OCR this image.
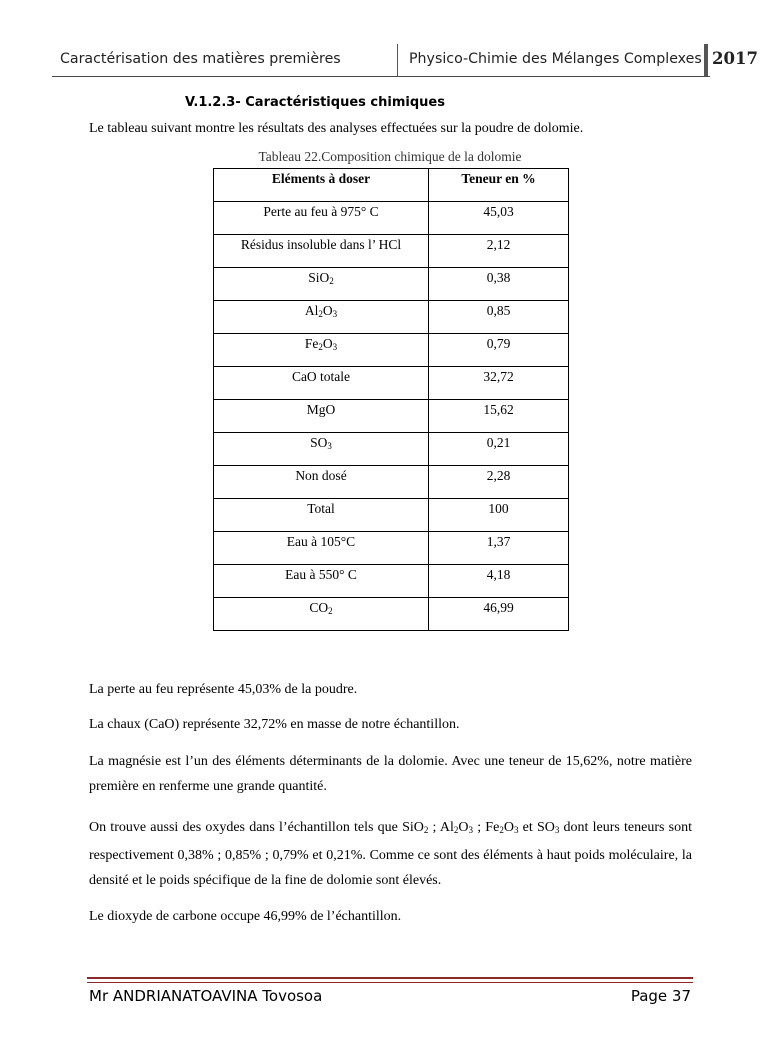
Caractérisation des matières premières	Physico-Chimie des Mélanges Complexes 2017
V.1.2.3- Caractéristiques chimiques
Le tableau suivant montre les résultats des analyses effectuées sur la poudre de dolomie.
Tableau 22.Composition chimique de la dolomie
Eléments à doser	Teneur en %
Perte au feu à 975° C	45,03
Résidus insoluble dans l’ HCl	2,12
SiO$_2$	0,38
$Al_2O_3$	0,85
$Fe_2O_3$	0,79
CaO totale	32,72
MgO	15,62
$SO_3$	0,21
Non dosé	2,28
Total	100
Eau à 105°C	1,37
Eau à 550° C	4,18
$CO_2$	46,99
La perte au feu représente 45,03% de la poudre.
La chaux (CaO) représente 32,72% en masse de notre échantillon.
La magnésie est l’un des éléments déterminants de la dolomie. Avec une teneur de 15,62%, notre matière première en renferme une grande quantité.
On trouve aussi des oxydes dans l’échantillon tels que SiO$_2$ ; $Al_2O_3$ ; $Fe_2O_3$ et $SO_3$ dont leurs teneurs sont respectivement 0,38% ; 0,85% ; 0,79% et 0,21%. Comme ce sont des éléments à haut poids moléculaire, la densité et le poids spécifique de la fine de dolomie sont élevés.
Le dioxyde de carbone occupe 46,99% de l’échantillon.
Mr ANDRIANATOAVINA Tovosoa	Page 37
